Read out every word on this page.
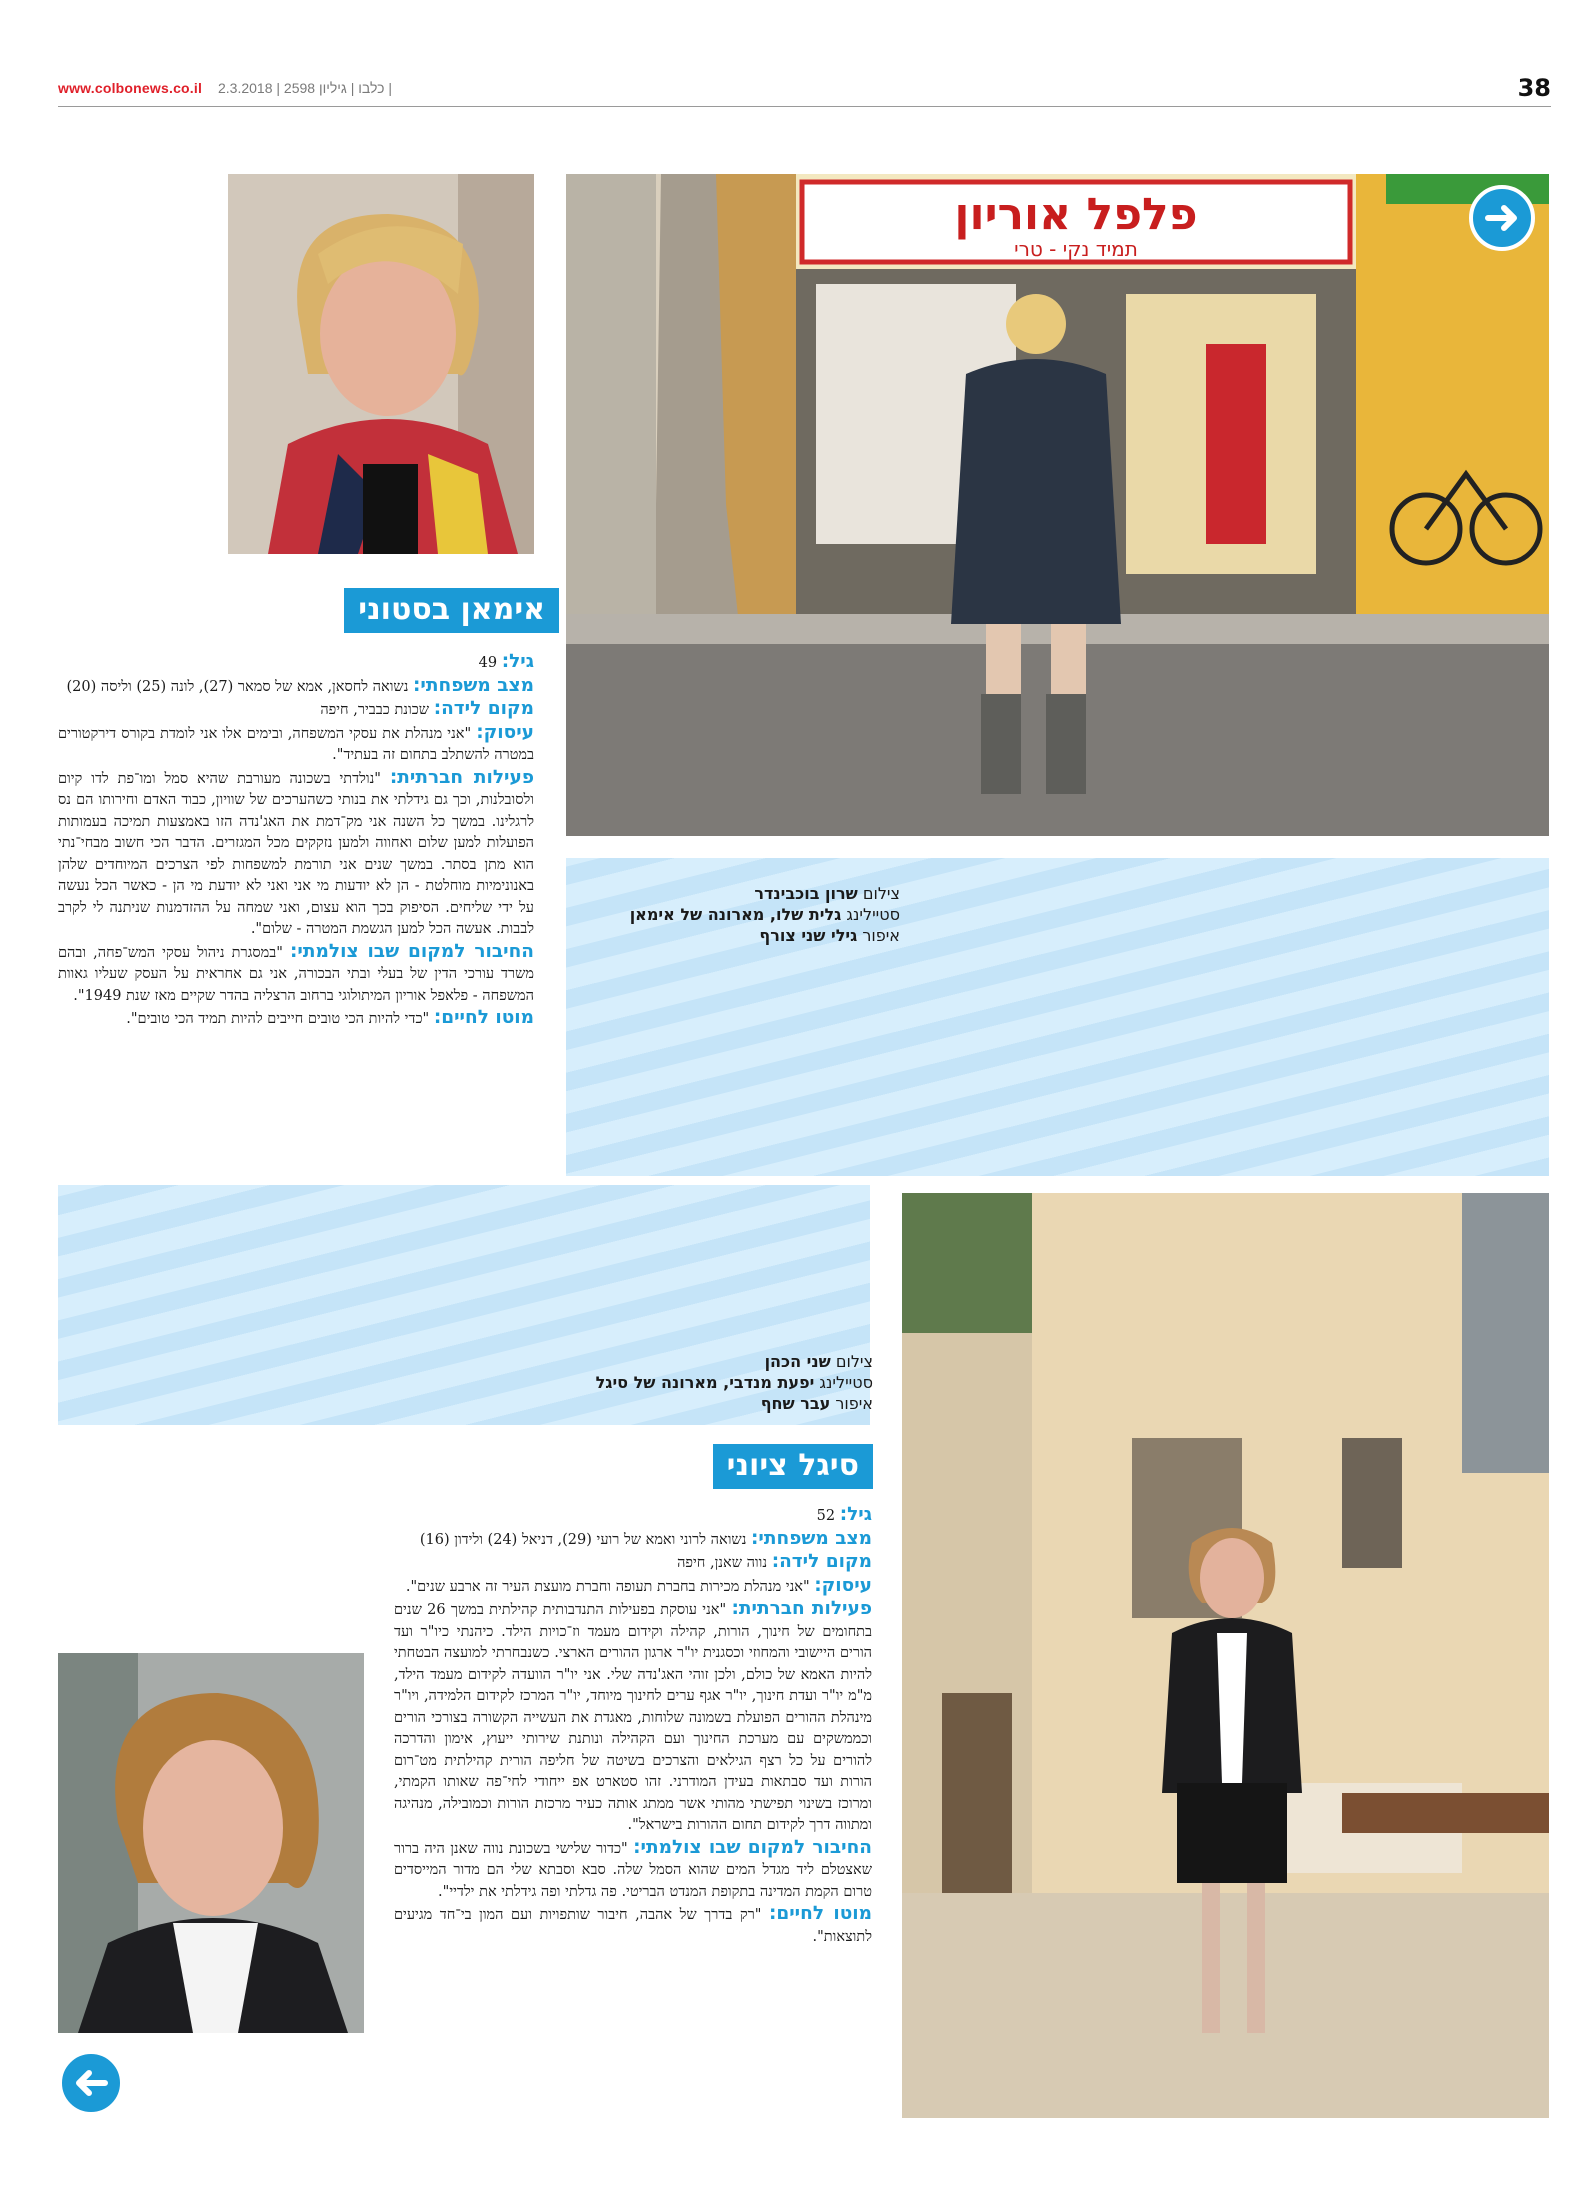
www.colbonews.co.il | כלבו | גיליון 2598 | 2.3.2018	38
פלפל אוריון
תמיד נקי - טרי
אימאן בסטוני

גיל: 49

מצב משפחתי: נשואה לחסאן, אמא של סמאר (27), לונה (25) וליסה (20)

מקום לידה: שכונת כבביר, חיפה

עיסוק: "אני מנהלת את עסקי המשפחה, ובימים אלו אני לומדת בקורס דירקטורים במטרה להשתלב בתחום זה בעתיד".

פעילות חברתית: "נולדתי בשכונה מעורבת שהיא סמל ומו־פת לדו קיום ולסובלנות, וכך גם גידלתי את בנותי כשהערכים של שוויון, כבוד האדם וחירותו הם נס לרגלינו. במשך כל השנה אני מק־דמת את האג'נדה הזו באמצעות תמיכה בעמותות הפועלות למען שלום ואחווה ולמען נזקקים מכל המגזרים. הדבר הכי חשוב מבחי־נתי הוא מתן בסתר. במשך שנים אני תורמת למשפחות לפי הצרכים המיוחדים שלהן באנונימיות מוחלטת - הן לא יודעות מי אני ואני לא יודעת מי הן - כאשר הכל נעשה על ידי שליחים. הסיפוק בכך הוא עצום, ואני שמחה על ההזדמנות שניתנה לי לקרב לבבות. אעשה הכל למען הגשמת המטרה - שלום".

החיבור למקום שבו צולמתי: "במסגרת ניהול עסקי המש־פחה, ובהם משרד עורכי הדין של בעלי ובתי הבכורה, אני גם אחראית על העסק שעליו גאוות המשפחה - פלאפל אוריון המיתולוגי ברחוב הרצליה בהדר שקיים מאז שנת 1949".

מוטו לחיים: "כדי להיות הכי טובים חייבים להיות תמיד הכי טובים".

צילום שרון בוכבינדר
סטיילינג גלית שלו, מארונה של אימאן
איפור גילי שני צורף
סיגל ציוני
צילום שני הכהן
סטיילינג יפעת מנדבי, מארונה של סיגל
איפור עבר שחף

גיל: 52

מצב משפחתי: נשואה לרוני ואמא של רועי (29), דניאל (24) ולידון (16)

מקום לידה: נווה שאנן, חיפה

עיסוק: "אני מנהלת מכירות בחברת תעופה וחברת מועצת העיר זה ארבע שנים".

פעילות חברתית: "אני עוסקת בפעילות התנדבותית קהילתית במשך 26 שנים בתחומים של חינוך, הורות, קהילה וקידום מעמד וז־כויות הילד. כיהנתי כיו"ר ועד הורים היישובי והמחוזי וכסגנית יו"ר ארגון ההורים הארצי. כשנבחרתי למועצה הבטחתי להיות האמא של כולם, ולכן זוהי האג'נדה שלי. אני יו"ר הוועדה לקידום מעמד הילד, מ"מ יו"ר ועדת חינוך, יו"ר אגף ערים לחינוך מיוחד, יו"ר המרכז לקידום הלמידה, ויו"ר מינהלת ההורים הפועלת בשמונה שלוחות, מאגדת את העשייה הקשורה בצורכי הורים וכממשקים עם מערכת החינוך ועם הקהילה ונותנת שירותי ייעוץ, אימון והדרכה להורים על כל רצף הגילאים והצרכים בשיטה של חליפה הורית קהילתית מט־רום הורות ועד סבתאות בעידן המודרני. זהו סטארט אפ ייחודי לחי־פה שאותו הקמתי, ומרוכז בשינוי תפישתי מהותי אשר ממתג אותה כעיר מרכזת הורות וכמובילה, מנהיגה ומתווה דרך לקידום תחום ההורות בישראל".

החיבור למקום שבו צולמתי: "כדור שלישי בשכונת נווה שאנן היה ברור שאצטלם ליד מגדל המים שהוא הסמל שלה. סבא וסבתא שלי הם מדור המייסדים טרום הקמת המדינה בתקופת המנדט הבריטי. פה גדלתי ופה גידלתי את ילדיי".

מוטו לחיים: "רק בדרך של אהבה, חיבור שותפויות ועם המון בי־חד מגיעים לתוצאות".
